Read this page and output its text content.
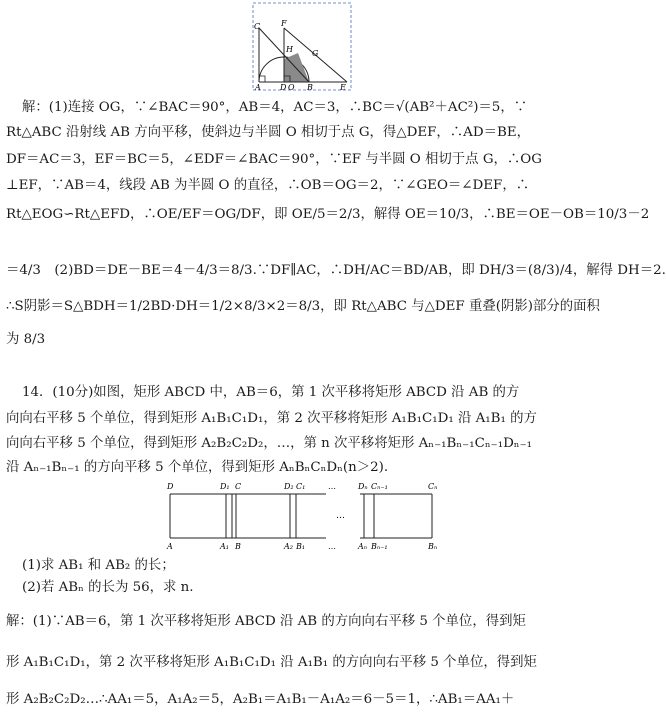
C	F
H G
A D O B	E
解：(1)连接 OG，∵∠BAC＝90°，AB＝4，AC＝3，∴BC＝√(AB²＋AC²)＝5，∵
Rt△ABC 沿射线 AB 方向平移，使斜边与半圆 O 相切于点 G，得△DEF，∴AD＝BE，
DF＝AC＝3，EF＝BC＝5，∠EDF＝∠BAC＝90°，∵EF 与半圆 O 相切于点 G，∴OG
⊥EF，∵AB＝4，线段 AB 为半圆 O 的直径，∴OB＝OG＝2，∵∠GEO＝∠DEF，∴
Rt△EOG∽Rt△EFD，∴OE/EF＝OG/DF，即 OE/5＝2/3，解得 OE＝10/3，∴BE＝OE－OB＝10/3－2
＝4/3　(2)BD＝DE－BE＝4－4/3＝8/3.∵DF∥AC，∴DH/AC＝BD/AB，即 DH/3＝(8/3)/4，解得 DH＝2.
∴S阴影＝S△BDH＝1/2BD·DH＝1/2×8/3×2＝8/3，即 Rt△ABC 与△DEF 重叠(阴影)部分的面积
为 8/3
14．(10分)如图，矩形 ABCD 中，AB＝6，第 1 次平移将矩形 ABCD 沿 AB 的方
向向右平移 5 个单位，得到矩形 A₁B₁C₁D₁，第 2 次平移将矩形 A₁B₁C₁D₁ 沿 A₁B₁ 的方
向向右平移 5 个单位，得到矩形 A₂B₂C₂D₂，…，第 n 次平移将矩形 Aₙ₋₁Bₙ₋₁Cₙ₋₁Dₙ₋₁
沿 Aₙ₋₁Bₙ₋₁ 的方向平移 5 个单位，得到矩形 AₙBₙCₙDₙ(n＞2).
D	D₁ C	D₂ C₁	…	Dₙ Cₙ₋₁	Cₙ
A	A₁ B	A₂ B₁	…	Aₙ Bₙ₋₁	Bₙ
…
(1)求 AB₁ 和 AB₂ 的长；
(2)若 ABₙ 的长为 56，求 n.
解：(1)∵AB＝6，第 1 次平移将矩形 ABCD 沿 AB 的方向向右平移 5 个单位，得到矩
形 A₁B₁C₁D₁，第 2 次平移将矩形 A₁B₁C₁D₁ 沿 A₁B₁ 的方向向右平移 5 个单位，得到矩
形 A₂B₂C₂D₂…∴AA₁＝5，A₁A₂＝5，A₂B₁＝A₁B₁－A₁A₂＝6－5＝1，∴AB₁＝AA₁＋
